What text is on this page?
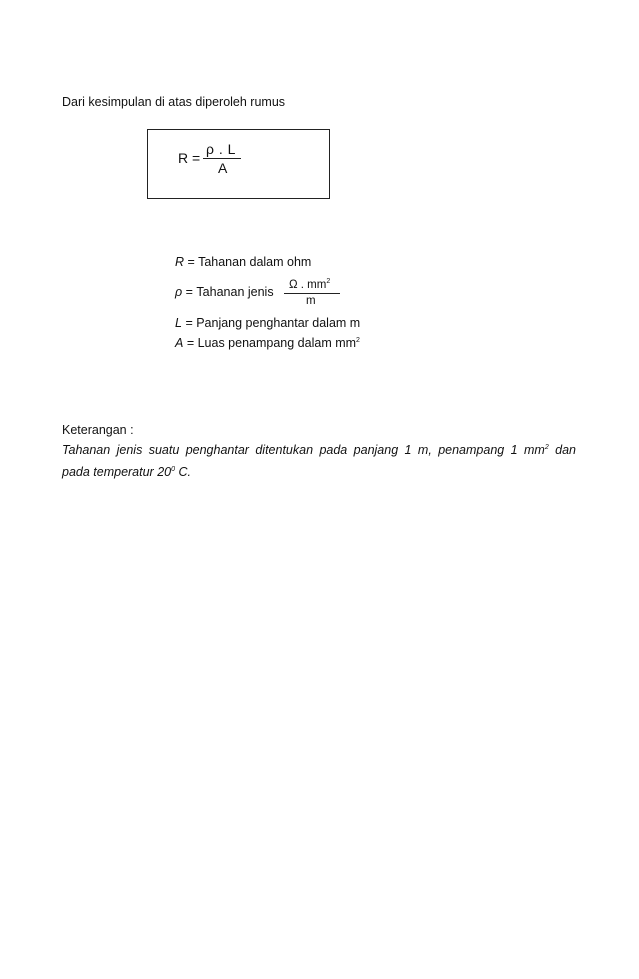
Dari kesimpulan di atas diperoleh rumus
R =
ρ . L
A
R = Tahanan dalam ohm
ρ = Tahanan jenis Ω . $mm^2$
m
L = Panjang penghantar dalam m
A = Luas penampang dalam $mm^2$
Keterangan :
Tahanan jenis suatu penghantar ditentukan pada panjang 1 m, penampang 1 $mm^2$ dan
pada temperatur $20^0$ C.
